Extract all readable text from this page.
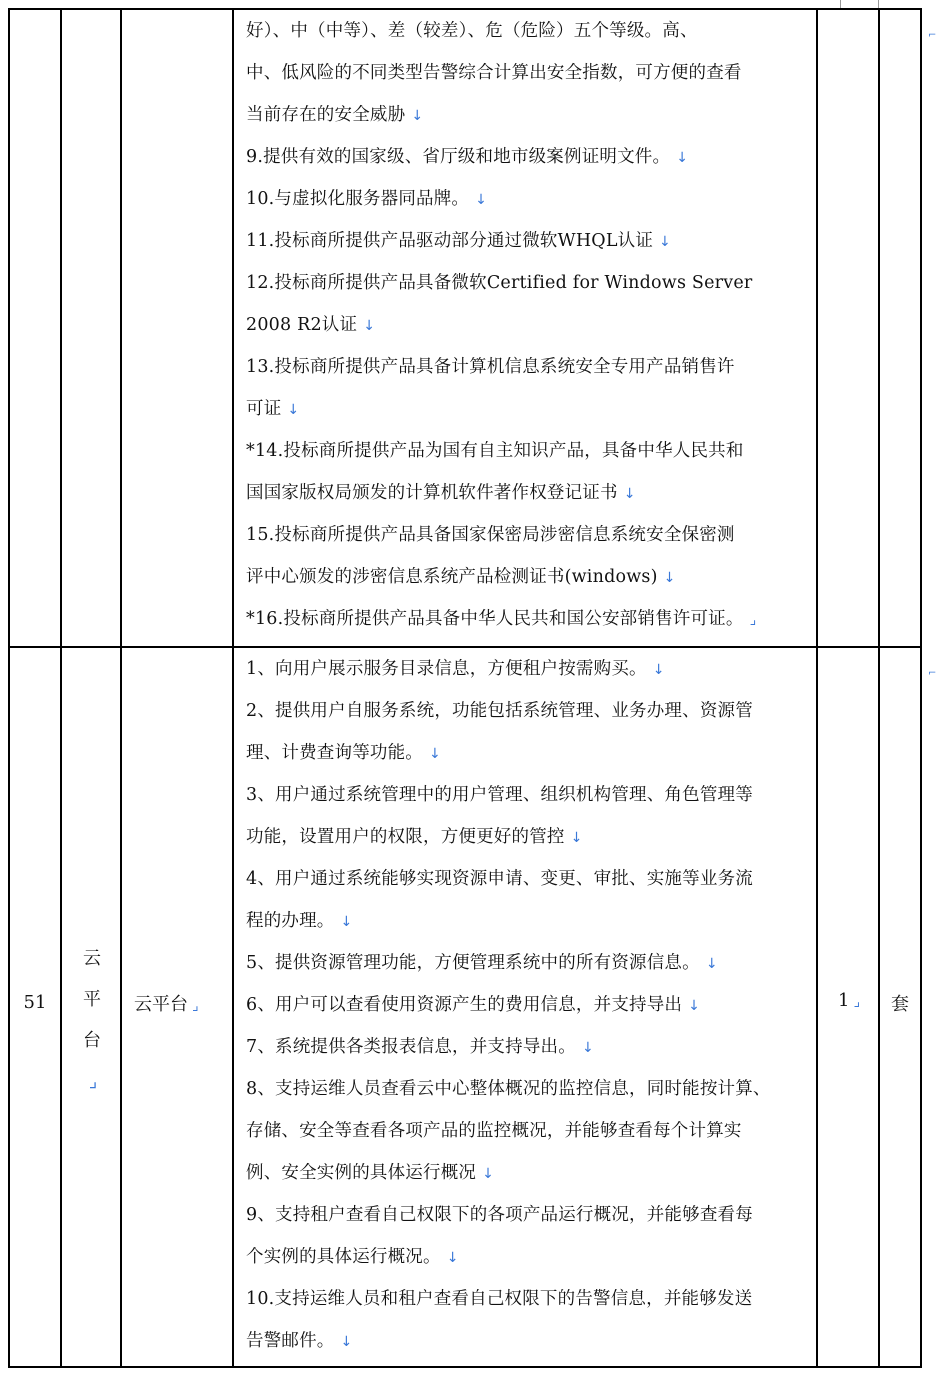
⌐
⌐
好）、中（中等）、差（较差）、危（危险）五个等级。高、
中、低风险的不同类型告警综合计算出安全指数，可方便的查看
当前存在的安全威胁 ↓
9.提供有效的国家级、省厅级和地市级案例证明文件。 ↓
10.与虚拟化服务器同品牌。 ↓
11.投标商所提供产品驱动部分通过微软WHQL认证 ↓
12.投标商所提供产品具备微软Certified for Windows Server
2008 R2认证 ↓
13.投标商所提供产品具备计算机信息系统安全专用产品销售许
可证 ↓
*14.投标商所提供产品为国有自主知识产品，具备中华人民共和
国国家版权局颁发的计算机软件著作权登记证书 ↓
15.投标商所提供产品具备国家保密局涉密信息系统安全保密测
评中心颁发的涉密信息系统产品检测证书(windows) ↓
*16.投标商所提供产品具备中华人民共和国公安部销售许可证。 ⌟
51
云
平
台
⌟
云平台 ⌟
1、向用户展示服务目录信息，方便租户按需购买。 ↓
2、提供用户自服务系统，功能包括系统管理、业务办理、资源管
理、计费查询等功能。 ↓
3、用户通过系统管理中的用户管理、组织机构管理、角色管理等
功能，设置用户的权限，方便更好的管控 ↓
4、用户通过系统能够实现资源申请、变更、审批、实施等业务流
程的办理。 ↓
5、提供资源管理功能，方便管理系统中的所有资源信息。 ↓
6、用户可以查看使用资源产生的费用信息，并支持导出 ↓
7、系统提供各类报表信息，并支持导出。 ↓
8、支持运维人员查看云中心整体概况的监控信息，同时能按计算、
存储、安全等查看各项产品的监控概况，并能够查看每个计算实
例、安全实例的具体运行概况 ↓
9、支持租户查看自己权限下的各项产品运行概况，并能够查看每
个实例的具体运行概况。 ↓
10.支持运维人员和租户查看自己权限下的告警信息，并能够发送
告警邮件。 ↓
1 ⌟	套
